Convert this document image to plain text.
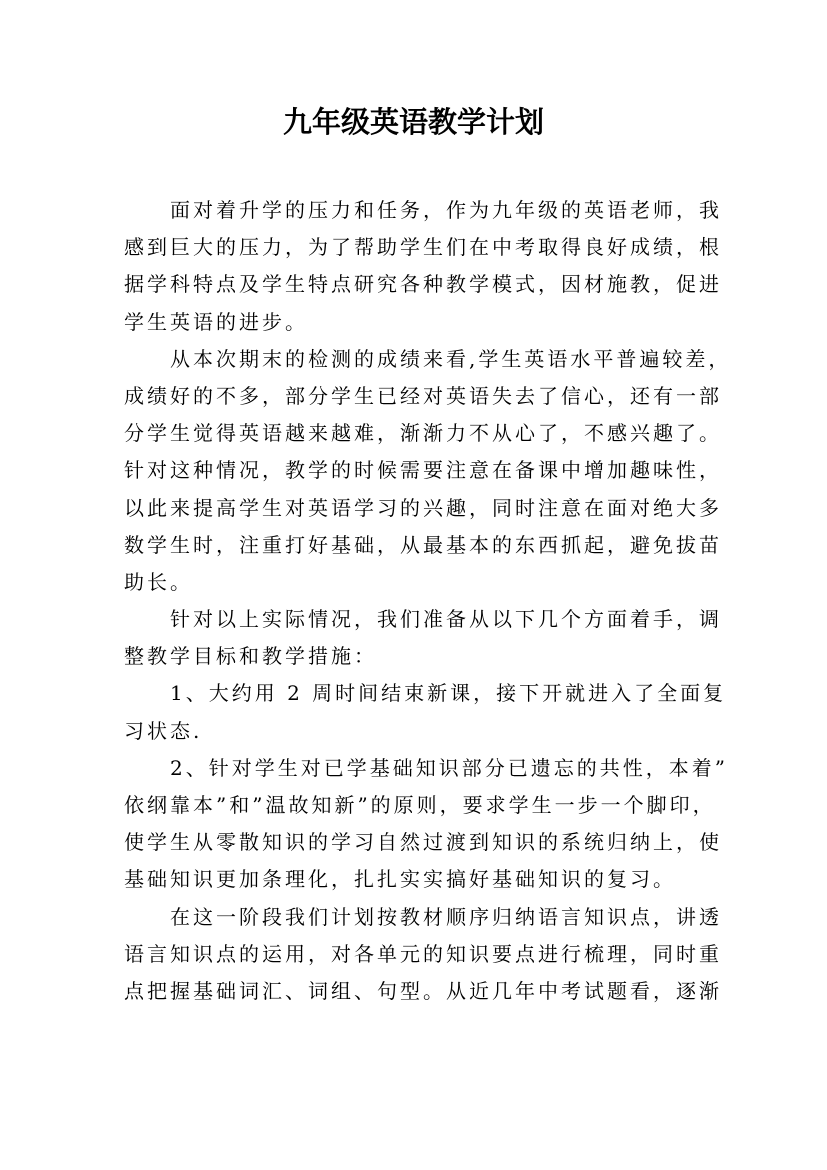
九年级英语教学计划
面对着升学的压力和任务，作为九年级的英语老师，我
感到巨大的压力，为了帮助学生们在中考取得良好成绩，根
据学科特点及学生特点研究各种教学模式，因材施教，促进
学生英语的进步。
从本次期末的检测的成绩来看,学生英语水平普遍较差，
成绩好的不多，部分学生已经对英语失去了信心，还有一部
分学生觉得英语越来越难，渐渐力不从心了，不感兴趣了。
针对这种情况，教学的时候需要注意在备课中增加趣味性，
以此来提高学生对英语学习的兴趣，同时注意在面对绝大多
数学生时，注重打好基础，从最基本的东西抓起，避免拔苗
助长。
针对以上实际情况，我们准备从以下几个方面着手，调
整教学目标和教学措施：
1、大约用 2 周时间结束新课，接下开就进入了全面复
习状态.
2、针对学生对已学基础知识部分已遗忘的共性，本着”
依纲靠本”和”温故知新”的原则，要求学生一步一个脚印，
使学生从零散知识的学习自然过渡到知识的系统归纳上，使
基础知识更加条理化，扎扎实实搞好基础知识的复习。
在这一阶段我们计划按教材顺序归纳语言知识点，讲透
语言知识点的运用，对各单元的知识要点进行梳理，同时重
点把握基础词汇、词组、句型。从近几年中考试题看，逐渐
